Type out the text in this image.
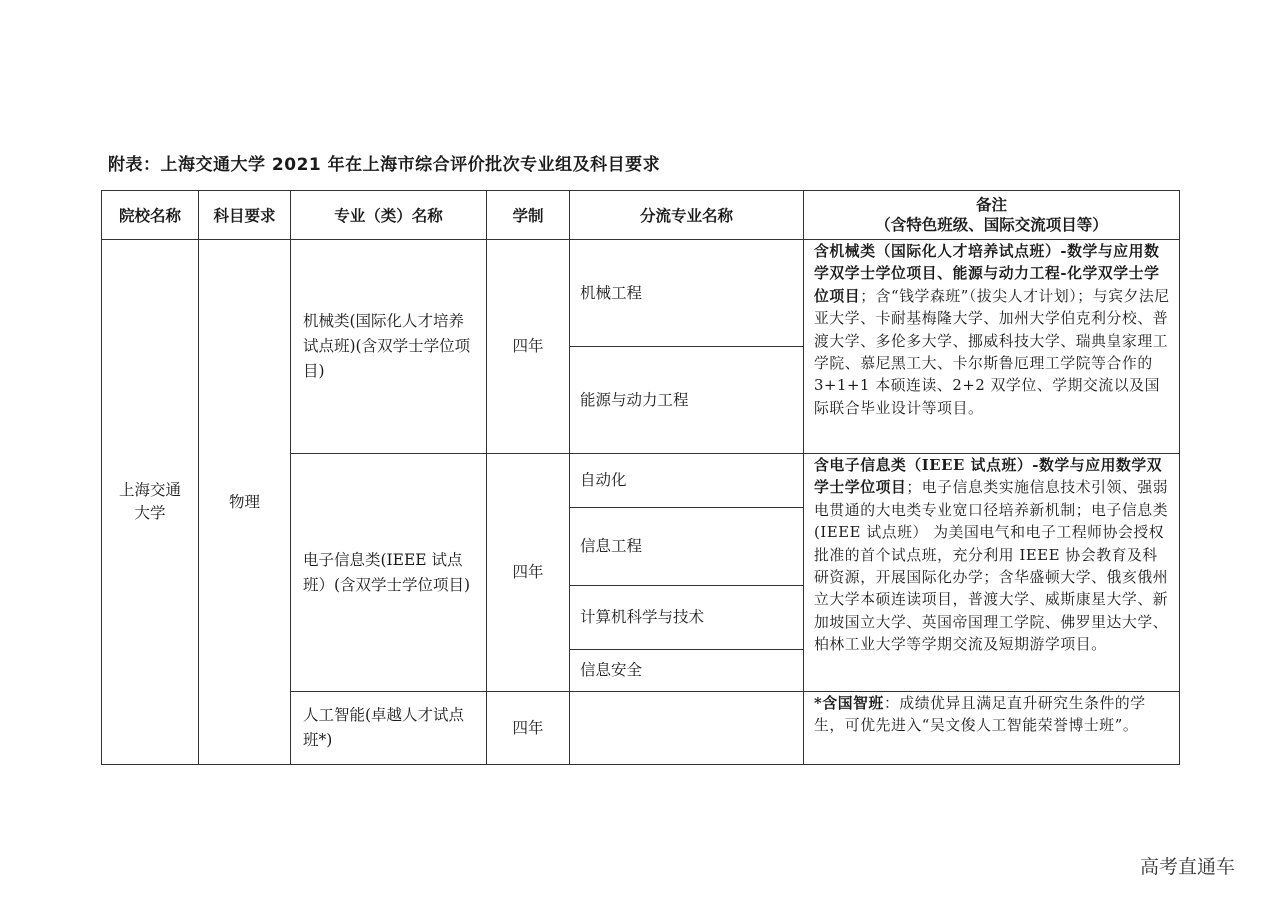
附表：上海交通大学 2021 年在上海市综合评价批次专业组及科目要求
院校名称	科目要求	专业（类）名称	学制	分流专业名称	备注
（含特色班级、国际交流项目等）

上海交通大学	物理	机械类(国际化人才培养试点班)(含双学士学位项目)	四年	机械工程	含机械类（国际化人才培养试点班）-数学与应用数学双学士学位项目、能源与动力工程-化学双学士学位项目；含“钱学森班”（拔尖人才计划）；与宾夕法尼亚大学、卡耐基梅隆大学、加州大学伯克利分校、普渡大学、多伦多大学、挪威科技大学、瑞典皇家理工学院、慕尼黑工大、卡尔斯鲁厄理工学院等合作的 3+1+1 本硕连读、2+2 双学位、学期交流以及国际联合毕业设计等项目。
				能源与动力工程	
		电子信息类(IEEE 试点班）(含双学士学位项目)	四年	自动化	含电子信息类（IEEE 试点班）-数学与应用数学双学士学位项目；电子信息类实施信息技术引领、强弱电贯通的大电类专业宽口径培养新机制；电子信息类(IEEE 试点班） 为美国电气和电子工程师协会授权批准的首个试点班，充分利用 IEEE 协会教育及科研资源，开展国际化办学；含华盛顿大学、俄亥俄州立大学本硕连读项目，普渡大学、威斯康星大学、新加坡国立大学、英国帝国理工学院、佛罗里达大学、柏林工业大学等学期交流及短期游学项目。
				信息工程	
				计算机科学与技术	
				信息安全	
		人工智能(卓越人才试点班*)	四年		*含国智班：成绩优异且满足直升研究生条件的学生，可优先进入“吴文俊人工智能荣誉博士班”。
高考直通车
